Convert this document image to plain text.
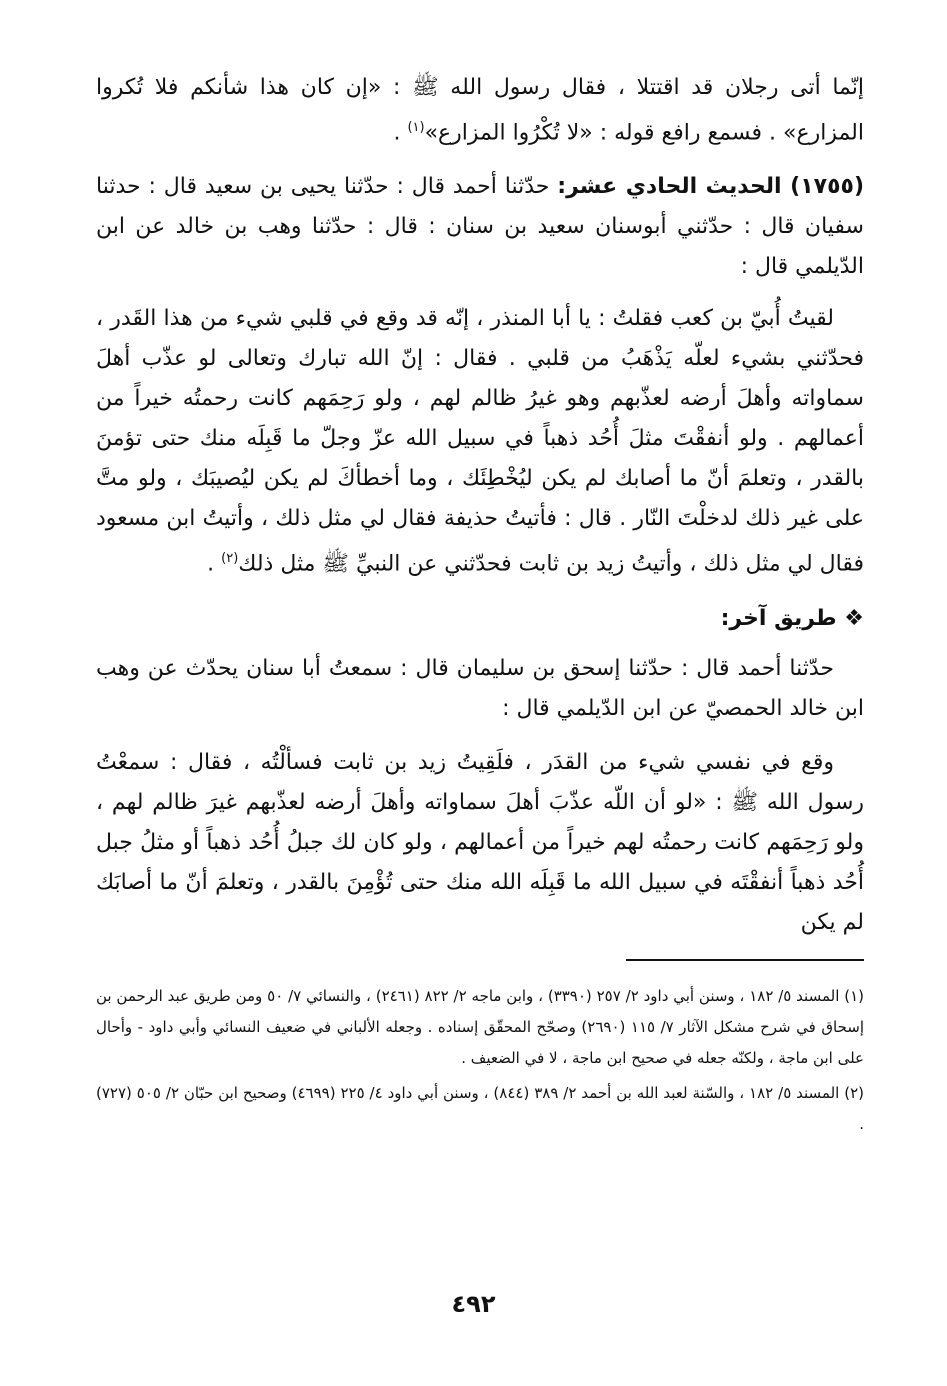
إنّما أتى رجلان قد اقتتلا ، فقال رسول الله ﷺ : «إن كان هذا شأنكم فلا تُكروا المزارع» . فسمع رافع قوله : «لا تُكْرُوا المزارع»$^{(١)}$ .

(١٧٥٥) الحديث الحادي عشر: حدّثنا أحمد قال : حدّثنا يحيى بن سعيد قال : حدثنا سفيان قال : حدّثني أبوسنان سعيد بن سنان : قال : حدّثنا وهب بن خالد عن ابن الدّيلمي قال :

لقيتُ أُبيّ بن كعب فقلتُ : يا أبا المنذر ، إنّه قد وقع في قلبي شيء من هذا القَدر ، فحدّثني بشيء لعلّه يَذْهَبُ من قلبي . فقال : إنّ الله تبارك وتعالى لو عذّب أهلَ سماواته وأهلَ أرضه لعذّبهم وهو غيرُ ظالم لهم ، ولو رَحِمَهم كانت رحمتُه خيراً من أعمالهم . ولو أنفقْتَ مثلَ أُحُد ذهباً في سبيل الله عزّ وجلّ ما قَبِلَه منك حتى تؤمنَ بالقدر ، وتعلمَ أنّ ما أصابك لم يكن ليُخْطِئَك ، وما أخطأكَ لم يكن ليُصيبَك ، ولو متَّ على غير ذلك لدخلْتَ النّار . قال : فأتيتُ حذيفة فقال لي مثل ذلك ، وأتيتُ ابن مسعود فقال لي مثل ذلك ، وأتيتُ زيد بن ثابت فحدّثني عن النبيِّ ﷺ مثل ذلك$^{(٢)}$ .

❖ طريق آخر:

حدّثنا أحمد قال : حدّثنا إسحق بن سليمان قال : سمعتُ أبا سنان يحدّث عن وهب ابن خالد الحمصيّ عن ابن الدّيلمي قال :

وقع في نفسي شيء من القدَر ، فلَقِيتُ زيد بن ثابت فسألْتُه ، فقال : سمعْتُ رسول الله ﷺ : «لو أن اللّه عذّبَ أهلَ سماواته وأهلَ أرضه لعذّبهم غيرَ ظالم لهم ، ولو رَحِمَهم كانت رحمتُه لهم خيراً من أعمالهم ، ولو كان لك جبلُ أُحُد ذهباً أو مثلُ جبل أُحُد ذهباً أنفقْتَه في سبيل الله ما قَبِلَه الله منك حتى تُؤْمِنَ بالقدر ، وتعلمَ أنّ ما أصابَك لم يكن

(١) المسند ٥/ ١٨٢ ، وسنن أبي داود ٢/ ٢٥٧ (٣٣٩٠) ، وابن ماجه ٢/ ٨٢٢ (٢٤٦١) ، والنسائي ٧/ ٥٠ ومن طريق عبد الرحمن بن إسحاق في شرح مشكل الآثار ٧/ ١١٥ (٢٦٩٠) وصحّح المحقّق إسناده . وجعله الألباني في ضعيف النسائي وأبي داود - وأحال على ابن ماجة ، ولكنّه جعله في صحيح ابن ماجة ، لا في الضعيف .

(٢) المسند ٥/ ١٨٢ ، والسّنة لعبد الله بن أحمد ٢/ ٣٨٩ (٨٤٤) ، وسنن أبي داود ٤/ ٢٢٥ (٤٦٩٩) وصحيح ابن حبّان ٢/ ٥٠٥ (٧٢٧) .

٤٩٢
